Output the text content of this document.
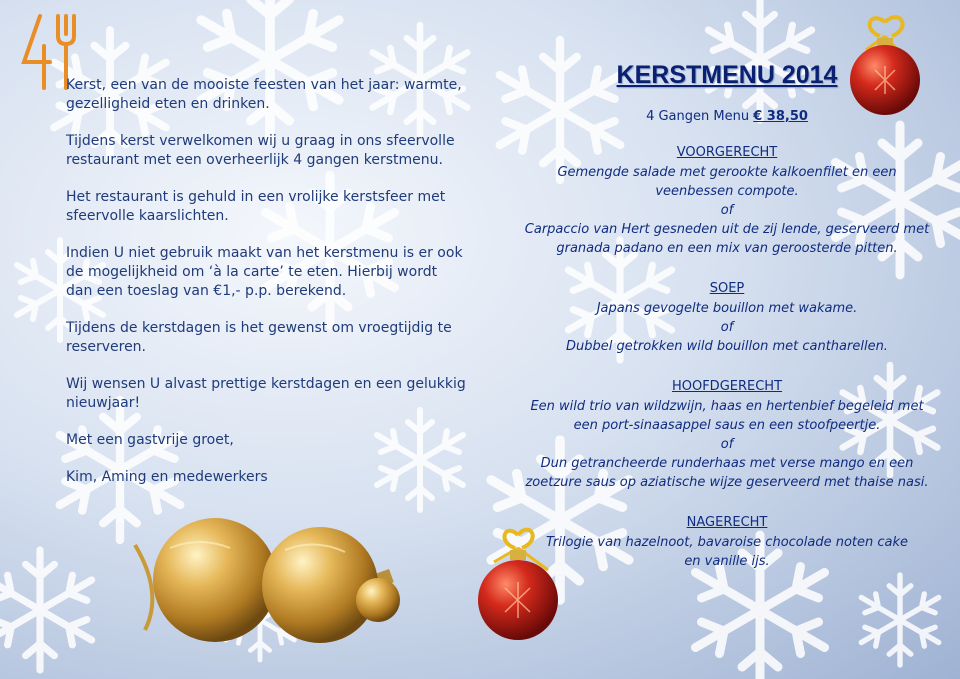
Kerst, een van de mooiste feesten van het jaar: warmte, gezelligheid eten en drinken.

Tijdens kerst verwelkomen wij u graag in ons sfeervolle restaurant met een overheerlijk 4 gangen kerstmenu.

Het restaurant is gehuld in een vrolijke kerstsfeer met sfeervolle kaarslichten.

Indien U niet gebruik maakt van het kerstmenu is er ook de mogelijkheid om ‘à la carte’ te eten. Hierbij wordt dan een toeslag van €1,- p.p. berekend.

Tijdens de kerstdagen is het gewenst om vroegtijdig te reserveren.

Wij wensen U alvast prettige kerstdagen en een gelukkig nieuwjaar!

Met een gastvrije groet,

Kim, Aming en medewerkers

KERSTMENU 2014
4 Gangen Menu € 38,50
VOORGERECHT
Gemengde salade met gerookte kalkoenfilet en een
veenbessen compote.
of
Carpaccio van Hert gesneden uit de zij lende, geserveerd met
granada padano en een mix van geroosterde pitten.
SOEP
Japans gevogelte bouillon met wakame.
of
Dubbel getrokken wild bouillon met cantharellen.
HOOFDGERECHT
Een wild trio van wildzwijn, haas en hertenbief begeleid met
een port-sinaasappel saus en een stoofpeertje.
of
Dun getrancheerde runderhaas met verse mango en een
zoetzure saus op aziatische wijze geserveerd met thaise nasi.
NAGERECHT
Trilogie van hazelnoot, bavaroise chocolade noten cake
en vanille ijs.
